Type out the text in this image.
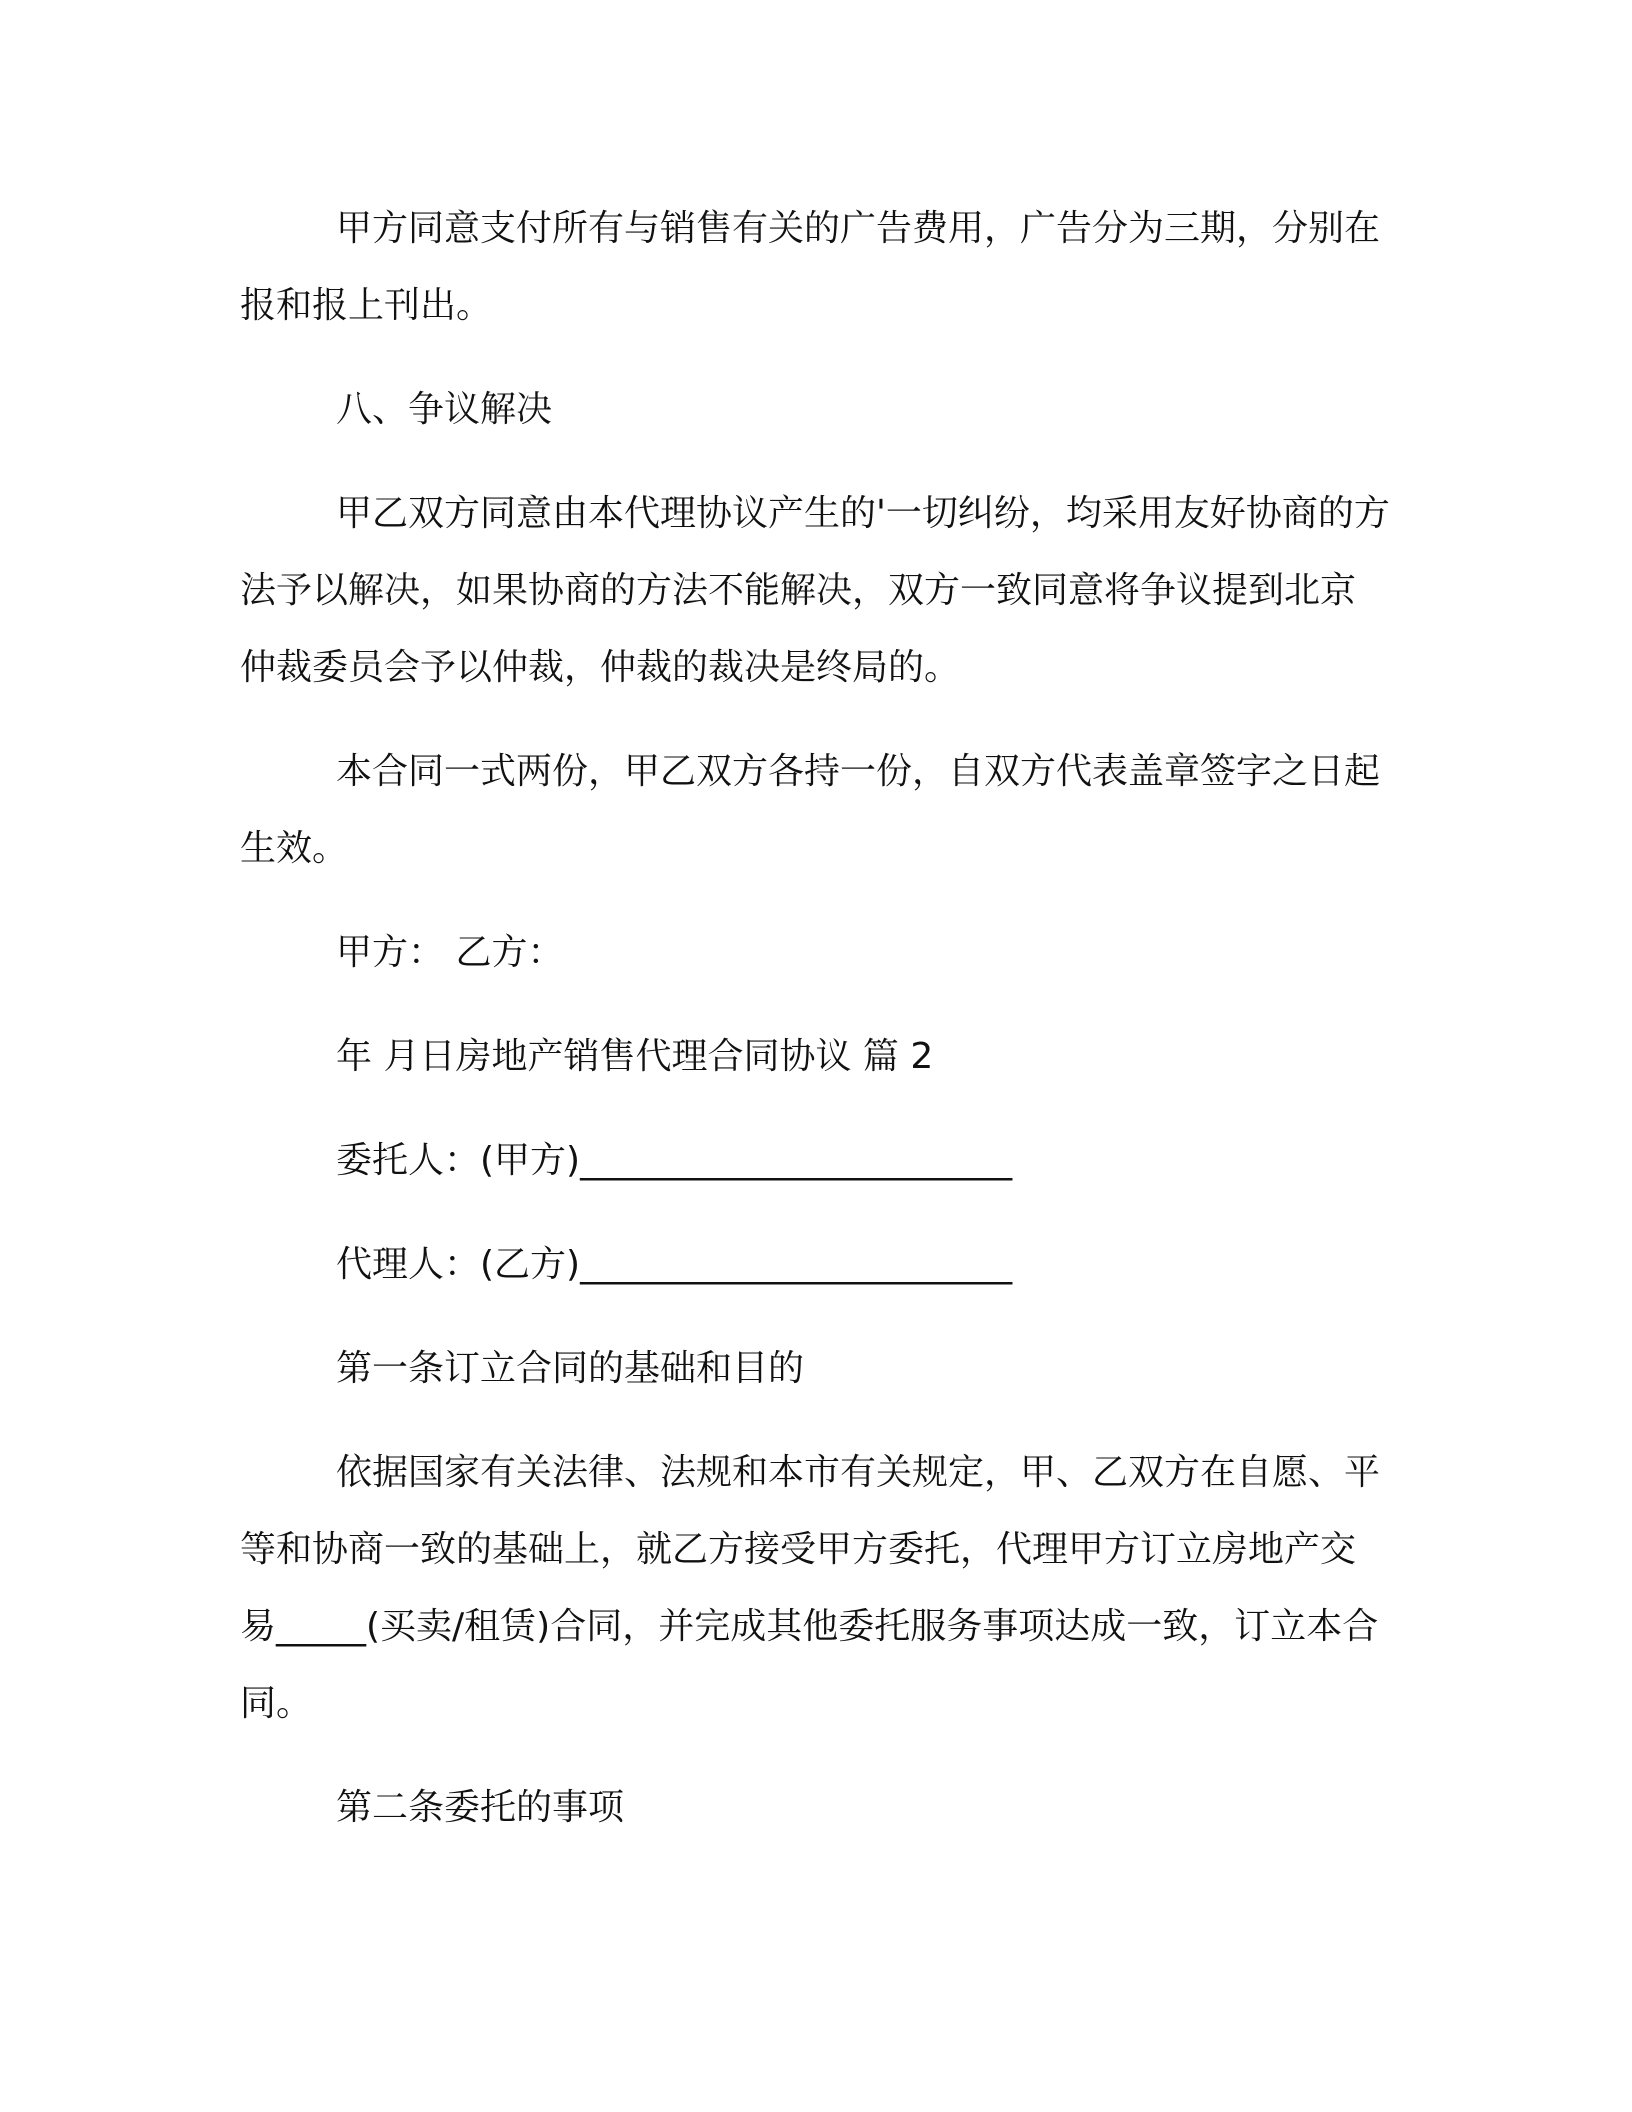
甲方同意支付所有与销售有关的广告费用，广告分为三期，分别在报和报上刊出。

八、争议解决

甲乙双方同意由本代理协议产生的'一切纠纷，均采用友好协商的方法予以解决，如果协商的方法不能解决，双方一致同意将争议提到北京仲裁委员会予以仲裁，仲裁的裁决是终局的。

本合同一式两份，甲乙双方各持一份，自双方代表盖章签字之日起生效。

甲方： 乙方：

年 月日房地产销售代理合同协议 篇 2

委托人：(甲方)________________________

代理人：(乙方)________________________

第一条订立合同的基础和目的

依据国家有关法律、法规和本市有关规定，甲、乙双方在自愿、平等和协商一致的基础上，就乙方接受甲方委托，代理甲方订立房地产交易_____(买卖/租赁)合同，并完成其他委托服务事项达成一致，订立本合同。

第二条委托的事项
